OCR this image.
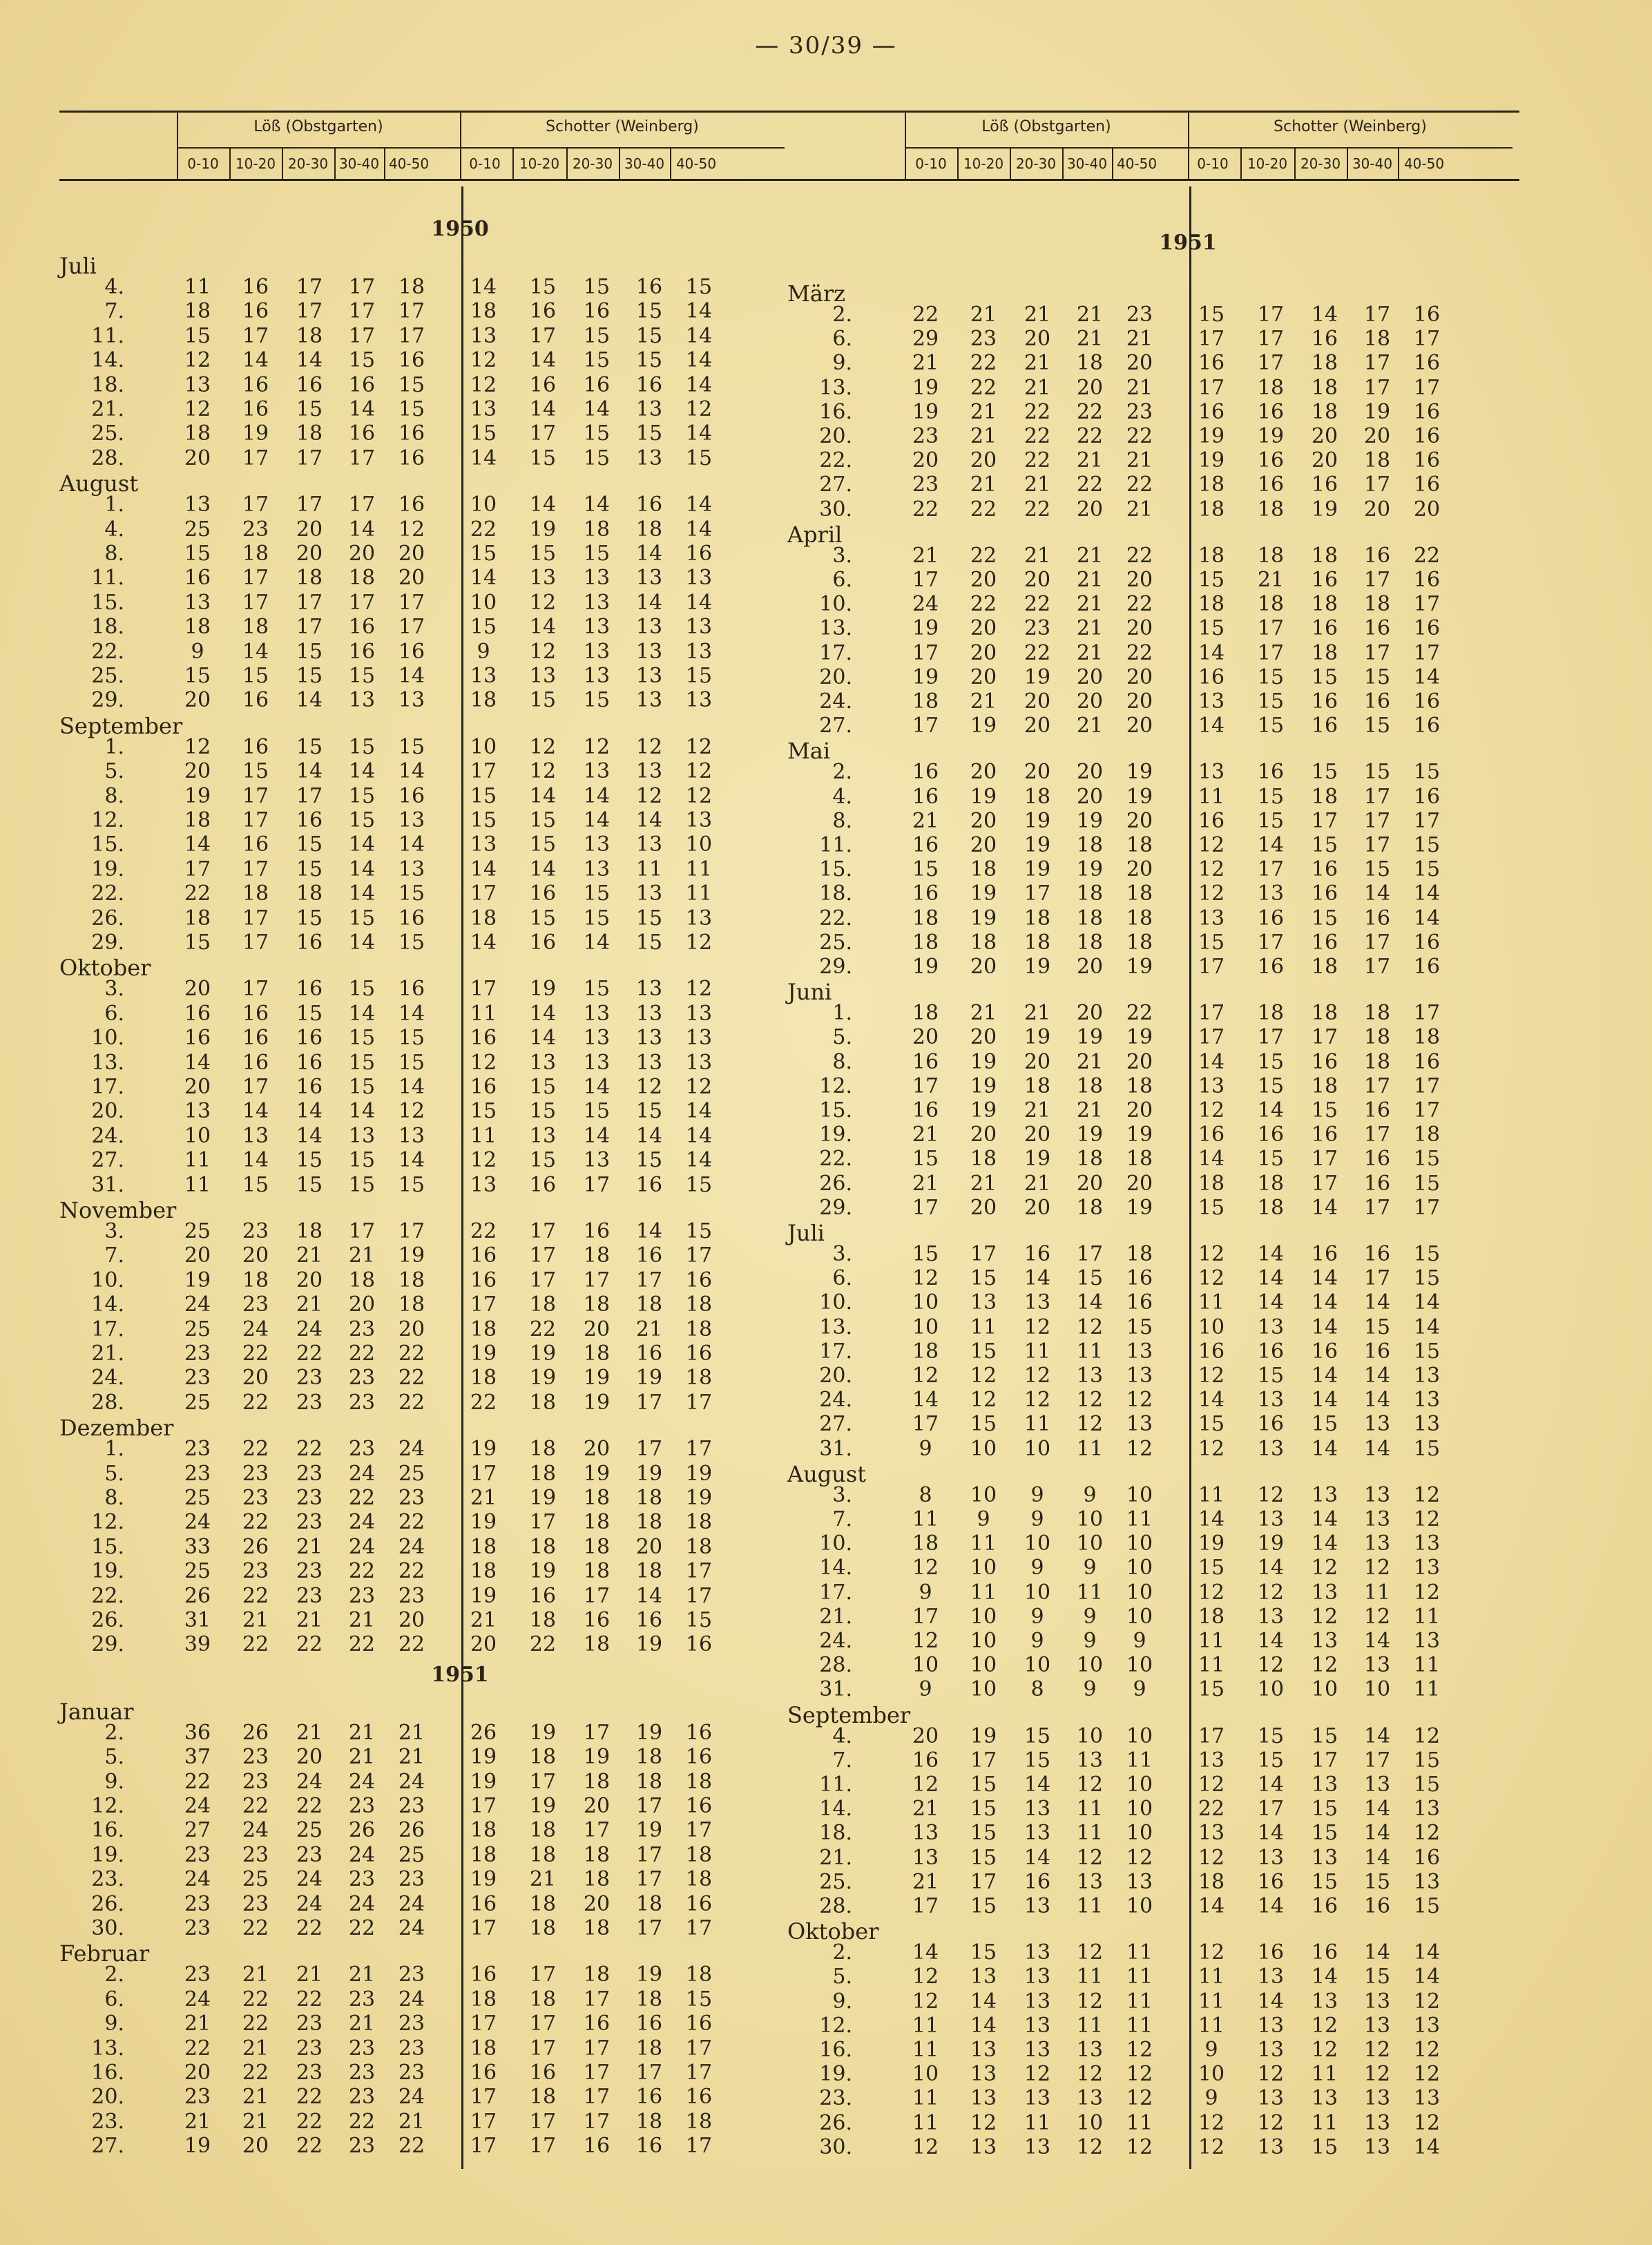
— 30/39 —
Löß (Obstgarten)	Schotter (Weinberg)
0-10	10-20 20-30 30-40 40-50	0-10	10-20 20-30 30-40 40-50
1950
Juli
4.	11	16	17	17	18	14	15	15	16	15
7.	18	16	17	17	17	18	16	16	15	14
11.	15	17	18	17	17	13	17	15	15	14
14.	12	14	14	15	16	12	14	15	15	14
18.	13	16	16	16	15	12	16	16	16	14
21.	12	16	15	14	15	13	14	14	13	12
25.	18	19	18	16	16	15	17	15	15	14
28.	20	17	17	17	16	14	15	15	13	15
August
1.	13	17	17	17	16	10	14	14	16	14
4.	25	23	20	14	12	22	19	18	18	14
8.	15	18	20	20	20	15	15	15	14	16
11.	16	17	18	18	20	14	13	13	13	13
15.	13	17	17	17	17	10	12	13	14	14
18.	18	18	17	16	17	15	14	13	13	13
22.	9	14	15	16	16	9	12	13	13	13
25.	15	15	15	15	14	13	13	13	13	15
29.	20	16	14	13	13	18	15	15	13	13
September
1.	12	16	15	15	15	10	12	12	12	12
5.	20	15	14	14	14	17	12	13	13	12
8.	19	17	17	15	16	15	14	14	12	12
12.	18	17	16	15	13	15	15	14	14	13
15.	14	16	15	14	14	13	15	13	13	10
19.	17	17	15	14	13	14	14	13	11	11
22.	22	18	18	14	15	17	16	15	13	11
26.	18	17	15	15	16	18	15	15	15	13
29.	15	17	16	14	15	14	16	14	15	12
Oktober
3.	20	17	16	15	16	17	19	15	13	12
6.	16	16	15	14	14	11	14	13	13	13
10.	16	16	16	15	15	16	14	13	13	13
13.	14	16	16	15	15	12	13	13	13	13
17.	20	17	16	15	14	16	15	14	12	12
20.	13	14	14	14	12	15	15	15	15	14
24.	10	13	14	13	13	11	13	14	14	14
27.	11	14	15	15	14	12	15	13	15	14
31.	11	15	15	15	15	13	16	17	16	15
November
3.	25	23	18	17	17	22	17	16	14	15
7.	20	20	21	21	19	16	17	18	16	17
10.	19	18	20	18	18	16	17	17	17	16
14.	24	23	21	20	18	17	18	18	18	18
17.	25	24	24	23	20	18	22	20	21	18
21.	23	22	22	22	22	19	19	18	16	16
24.	23	20	23	23	22	18	19	19	19	18
28.	25	22	23	23	22	22	18	19	17	17
Dezember
1.	23	22	22	23	24	19	18	20	17	17
5.	23	23	23	24	25	17	18	19	19	19
8.	25	23	23	22	23	21	19	18	18	19
12.	24	22	23	24	22	19	17	18	18	18
15.	33	26	21	24	24	18	18	18	20	18
19.	25	23	23	22	22	18	19	18	18	17
22.	26	22	23	23	23	19	16	17	14	17
26.	31	21	21	21	20	21	18	16	16	15
29.	39	22	22	22	22	20	22	18	19	16
1951
Januar
2.	36	26	21	21	21	26	19	17	19	16
5.	37	23	20	21	21	19	18	19	18	16
9.	22	23	24	24	24	19	17	18	18	18
12.	24	22	22	23	23	17	19	20	17	16
16.	27	24	25	26	26	18	18	17	19	17
19.	23	23	23	24	25	18	18	18	17	18
23.	24	25	24	23	23	19	21	18	17	18
26.	23	23	24	24	24	16	18	20	18	16
30.	23	22	22	22	24	17	18	18	17	17
Februar
2.	23	21	21	21	23	16	17	18	19	18
6.	24	22	22	23	24	18	18	17	18	15
9.	21	22	23	21	23	17	17	16	16	16
13.	22	21	23	23	23	18	17	17	18	17
16.	20	22	23	23	23	16	16	17	17	17
20.	23	21	22	23	24	17	18	17	16	16
23.	21	21	22	22	21	17	17	17	18	18
27.	19	20	22	23	22	17	17	16	16	17
Löß (Obstgarten)	Schotter (Weinberg)
0-10	10-20 20-30 30-40 40-50	0-10	10-20 20-30 30-40 40-50
1951
März
2.	22	21	21	21	23	15	17	14	17	16
6.	29	23	20	21	21	17	17	16	18	17
9.	21	22	21	18	20	16	17	18	17	16
13.	19	22	21	20	21	17	18	18	17	17
16.	19	21	22	22	23	16	16	18	19	16
20.	23	21	22	22	22	19	19	20	20	16
22.	20	20	22	21	21	19	16	20	18	16
27.	23	21	21	22	22	18	16	16	17	16
30.	22	22	22	20	21	18	18	19	20	20
April
3.	21	22	21	21	22	18	18	18	16	22
6.	17	20	20	21	20	15	21	16	17	16
10.	24	22	22	21	22	18	18	18	18	17
13.	19	20	23	21	20	15	17	16	16	16
17.	17	20	22	21	22	14	17	18	17	17
20.	19	20	19	20	20	16	15	15	15	14
24.	18	21	20	20	20	13	15	16	16	16
27.	17	19	20	21	20	14	15	16	15	16
Mai
2.	16	20	20	20	19	13	16	15	15	15
4.	16	19	18	20	19	11	15	18	17	16
8.	21	20	19	19	20	16	15	17	17	17
11.	16	20	19	18	18	12	14	15	17	15
15.	15	18	19	19	20	12	17	16	15	15
18.	16	19	17	18	18	12	13	16	14	14
22.	18	19	18	18	18	13	16	15	16	14
25.	18	18	18	18	18	15	17	16	17	16
29.	19	20	19	20	19	17	16	18	17	16
Juni
1.	18	21	21	20	22	17	18	18	18	17
5.	20	20	19	19	19	17	17	17	18	18
8.	16	19	20	21	20	14	15	16	18	16
12.	17	19	18	18	18	13	15	18	17	17
15.	16	19	21	21	20	12	14	15	16	17
19.	21	20	20	19	19	16	16	16	17	18
22.	15	18	19	18	18	14	15	17	16	15
26.	21	21	21	20	20	18	18	17	16	15
29.	17	20	20	18	19	15	18	14	17	17
Juli
3.	15	17	16	17	18	12	14	16	16	15
6.	12	15	14	15	16	12	14	14	17	15
10.	10	13	13	14	16	11	14	14	14	14
13.	10	11	12	12	15	10	13	14	15	14
17.	18	15	11	11	13	16	16	16	16	15
20.	12	12	12	13	13	12	15	14	14	13
24.	14	12	12	12	12	14	13	14	14	13
27.	17	15	11	12	13	15	16	15	13	13
31.	9	10	10	11	12	12	13	14	14	15
August
3.	8	10	9	9	10	11	12	13	13	12
7.	11	9	9	10	11	14	13	14	13	12
10.	18	11	10	10	10	19	19	14	13	13
14.	12	10	9	9	10	15	14	12	12	13
17.	9	11	10	11	10	12	12	13	11	12
21.	17	10	9	9	10	18	13	12	12	11
24.	12	10	9	9	9	11	14	13	14	13
28.	10	10	10	10	10	11	12	12	13	11
31.	9	10	8	9	9	15	10	10	10	11
September
4.	20	19	15	10	10	17	15	15	14	12
7.	16	17	15	13	11	13	15	17	17	15
11.	12	15	14	12	10	12	14	13	13	15
14.	21	15	13	11	10	22	17	15	14	13
18.	13	15	13	11	10	13	14	15	14	12
21.	13	15	14	12	12	12	13	13	14	16
25.	21	17	16	13	13	18	16	15	15	13
28.	17	15	13	11	10	14	14	16	16	15
Oktober
2.	14	15	13	12	11	12	16	16	14	14
5.	12	13	13	11	11	11	13	14	15	14
9.	12	14	13	12	11	11	14	13	13	12
12.	11	14	13	11	11	11	13	12	13	13
16.	11	13	13	13	12	9	13	12	12	12
19.	10	13	12	12	12	10	12	11	12	12
23.	11	13	13	13	12	9	13	13	13	13
26.	11	12	11	10	11	12	12	11	13	12
30.	12	13	13	12	12	12	13	15	13	14
